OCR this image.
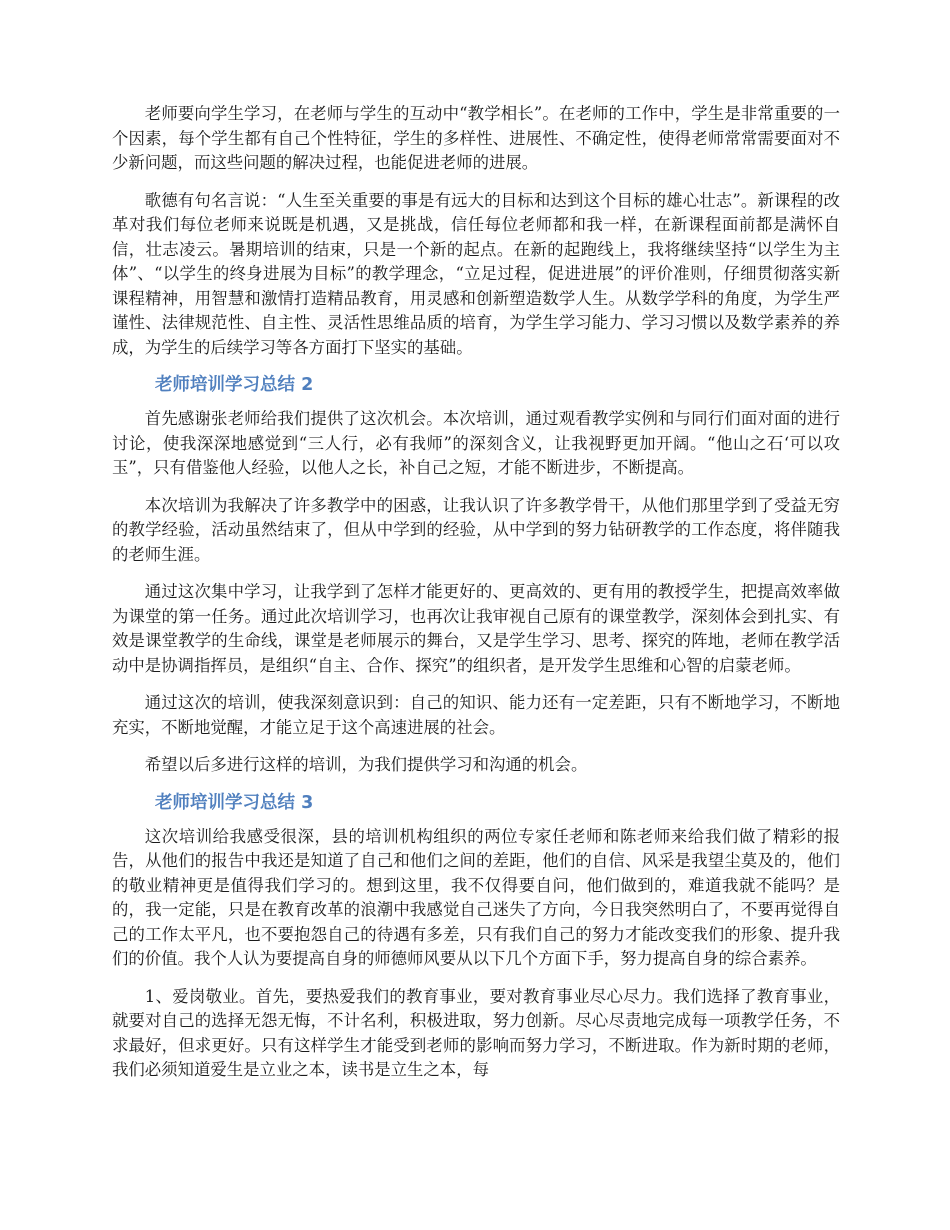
老师要向学生学习，在老师与学生的互动中“教学相长”。在老师的工作中，学生是非常重要的一个因素，每个学生都有自己个性特征，学生的多样性、进展性、不确定性，使得老师常常需要面对不少新问题，而这些问题的解决过程，也能促进老师的进展。

歌德有句名言说：“人生至关重要的事是有远大的目标和达到这个目标的雄心壮志”。新课程的改革对我们每位老师来说既是机遇，又是挑战，信任每位老师都和我一样，在新课程面前都是满怀自信，壮志凌云。暑期培训的结束，只是一个新的起点。在新的起跑线上，我将继续坚持“以学生为主体”、“以学生的终身进展为目标”的教学理念，“立足过程，促进进展”的评价准则，仔细贯彻落实新课程精神，用智慧和激情打造精品教育，用灵感和创新塑造数学人生。从数学学科的角度，为学生严谨性、法律规范性、自主性、灵活性思维品质的培育，为学生学习能力、学习习惯以及数学素养的养成，为学生的后续学习等各方面打下坚实的基础。

老师培训学习总结 2

首先感谢张老师给我们提供了这次机会。本次培训，通过观看教学实例和与同行们面对面的进行讨论，使我深深地感觉到“三人行，必有我师”的深刻含义，让我视野更加开阔。“他山之石‘可以攻玉”，只有借鉴他人经验，以他人之长，补自己之短，才能不断进步，不断提高。

本次培训为我解决了许多教学中的困惑，让我认识了许多教学骨干，从他们那里学到了受益无穷的教学经验，活动虽然结束了，但从中学到的经验，从中学到的努力钻研教学的工作态度，将伴随我的老师生涯。

通过这次集中学习，让我学到了怎样才能更好的、更高效的、更有用的教授学生，把提高效率做为课堂的第一任务。通过此次培训学习，也再次让我审视自己原有的课堂教学，深刻体会到扎实、有效是课堂教学的生命线，课堂是老师展示的舞台，又是学生学习、思考、探究的阵地，老师在教学活动中是协调指挥员，是组织“自主、合作、探究”的组织者，是开发学生思维和心智的启蒙老师。

通过这次的培训，使我深刻意识到：自己的知识、能力还有一定差距，只有不断地学习，不断地充实，不断地觉醒，才能立足于这个高速进展的社会。

希望以后多进行这样的培训，为我们提供学习和沟通的机会。

老师培训学习总结 3

这次培训给我感受很深，县的培训机构组织的两位专家任老师和陈老师来给我们做了精彩的报告，从他们的报告中我还是知道了自己和他们之间的差距，他们的自信、风采是我望尘莫及的，他们的敬业精神更是值得我们学习的。想到这里，我不仅得要自问，他们做到的，难道我就不能吗？是的，我一定能，只是在教育改革的浪潮中我感觉自己迷失了方向，今日我突然明白了，不要再觉得自己的工作太平凡，也不要抱怨自己的待遇有多差，只有我们自己的努力才能改变我们的形象、提升我们的价值。我个人认为要提高自身的师德师风要从以下几个方面下手，努力提高自身的综合素养。

1、爱岗敬业。首先，要热爱我们的教育事业，要对教育事业尽心尽力。我们选择了教育事业，就要对自己的选择无怨无悔，不计名利，积极进取，努力创新。尽心尽责地完成每一项教学任务，不求最好，但求更好。只有这样学生才能受到老师的影响而努力学习，不断进取。作为新时期的老师，我们必须知道爱生是立业之本，读书是立生之本，每
